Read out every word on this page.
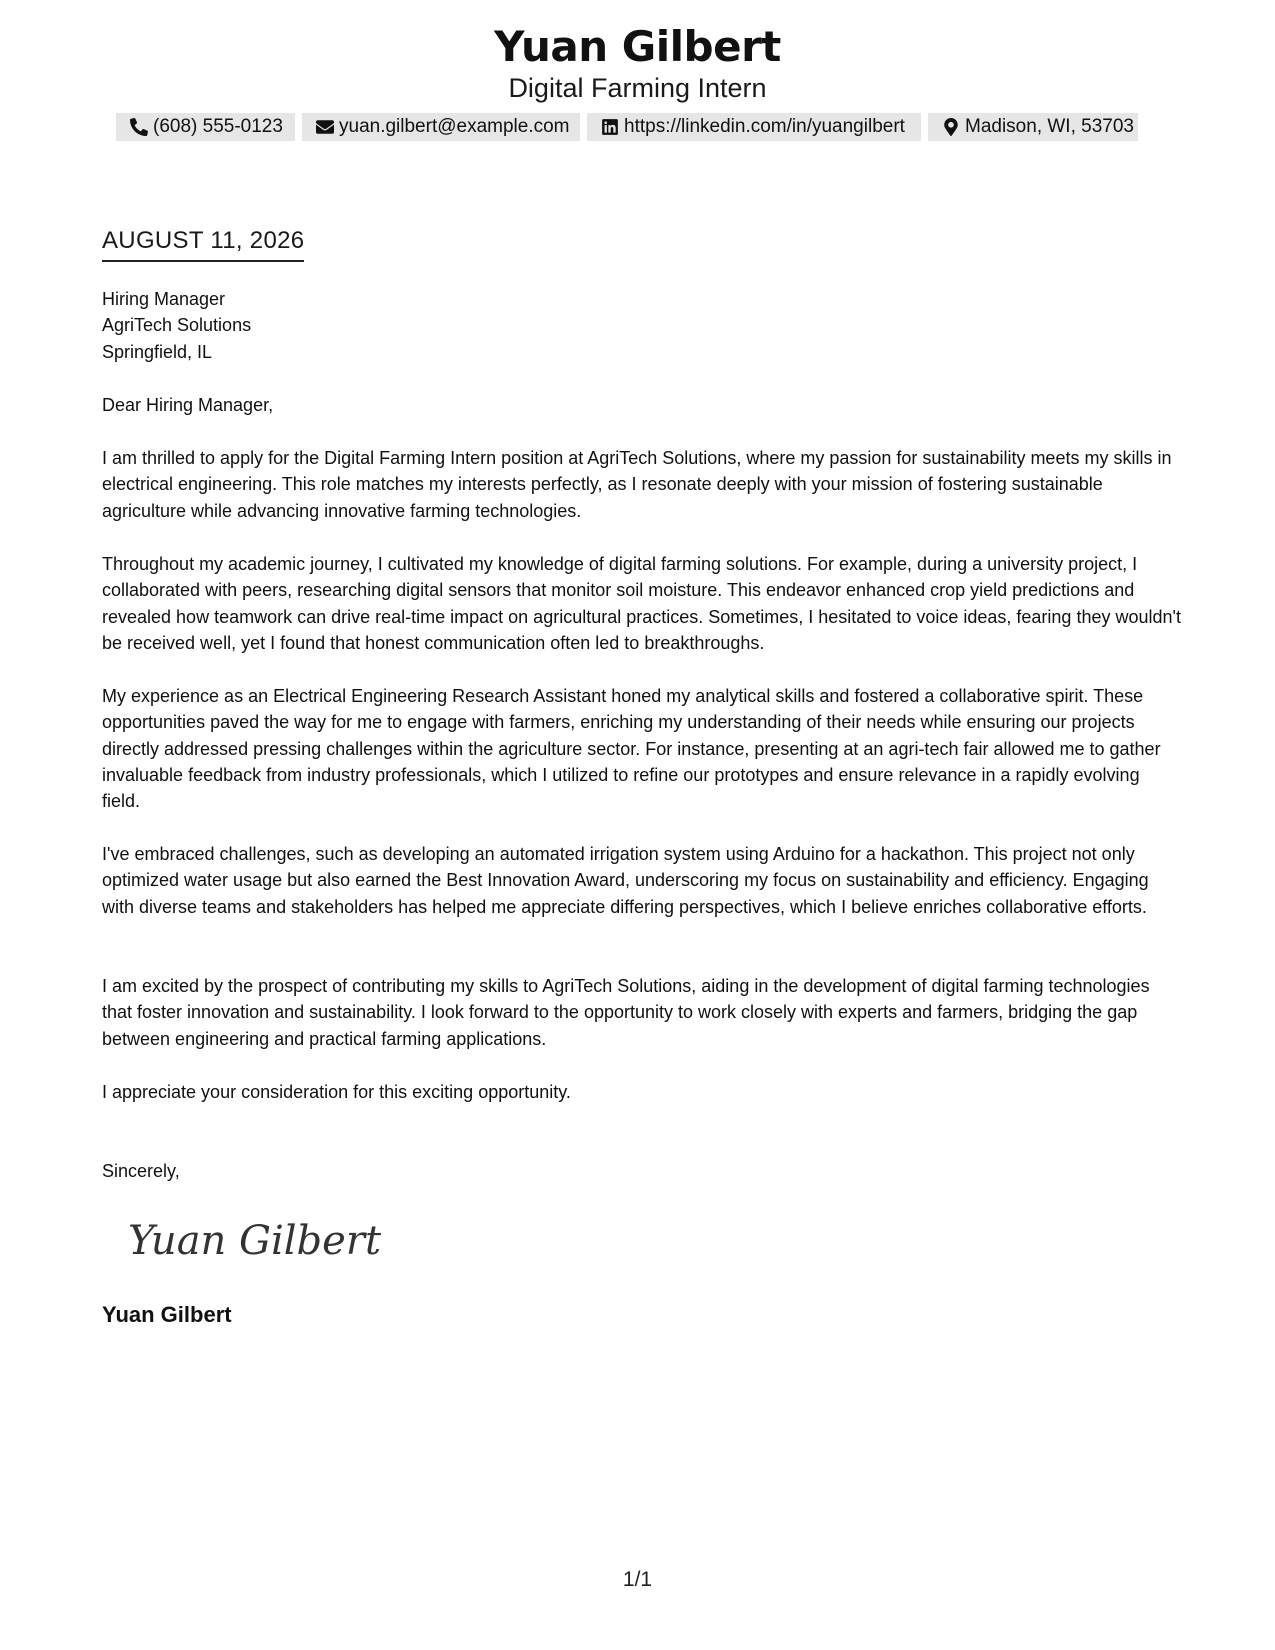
Yuan Gilbert
Digital Farming Intern
(608) 555-0123	yuan.gilbert@example.com	https://linkedin.com/in/yuangilbert	Madison, WI, 53703
AUGUST 11, 2026
Hiring Manager
AgriTech Solutions
Springfield, IL
Dear Hiring Manager,
I am thrilled to apply for the Digital Farming Intern position at AgriTech Solutions, where my passion for sustainability meets my skills in electrical engineering. This role matches my interests perfectly, as I resonate deeply with your mission of fostering sustainable agriculture while advancing innovative farming technologies.
Throughout my academic journey, I cultivated my knowledge of digital farming solutions. For example, during a university project, I collaborated with peers, researching digital sensors that monitor soil moisture. This endeavor enhanced crop yield predictions and revealed how teamwork can drive real-time impact on agricultural practices. Sometimes, I hesitated to voice ideas, fearing they wouldn't be received well, yet I found that honest communication often led to breakthroughs.
My experience as an Electrical Engineering Research Assistant honed my analytical skills and fostered a collaborative spirit. These opportunities paved the way for me to engage with farmers, enriching my understanding of their needs while ensuring our projects directly addressed pressing challenges within the agriculture sector. For instance, presenting at an agri-tech fair allowed me to gather invaluable feedback from industry professionals, which I utilized to refine our prototypes and ensure relevance in a rapidly evolving field.
I've embraced challenges, such as developing an automated irrigation system using Arduino for a hackathon. This project not only optimized water usage but also earned the Best Innovation Award, underscoring my focus on sustainability and efficiency. Engaging with diverse teams and stakeholders has helped me appreciate differing perspectives, which I believe enriches collaborative efforts.
I am excited by the prospect of contributing my skills to AgriTech Solutions, aiding in the development of digital farming technologies that foster innovation and sustainability. I look forward to the opportunity to work closely with experts and farmers, bridging the gap between engineering and practical farming applications.
I appreciate your consideration for this exciting opportunity.
Sincerely,
Yuan Gilbert
Yuan Gilbert
1/1
